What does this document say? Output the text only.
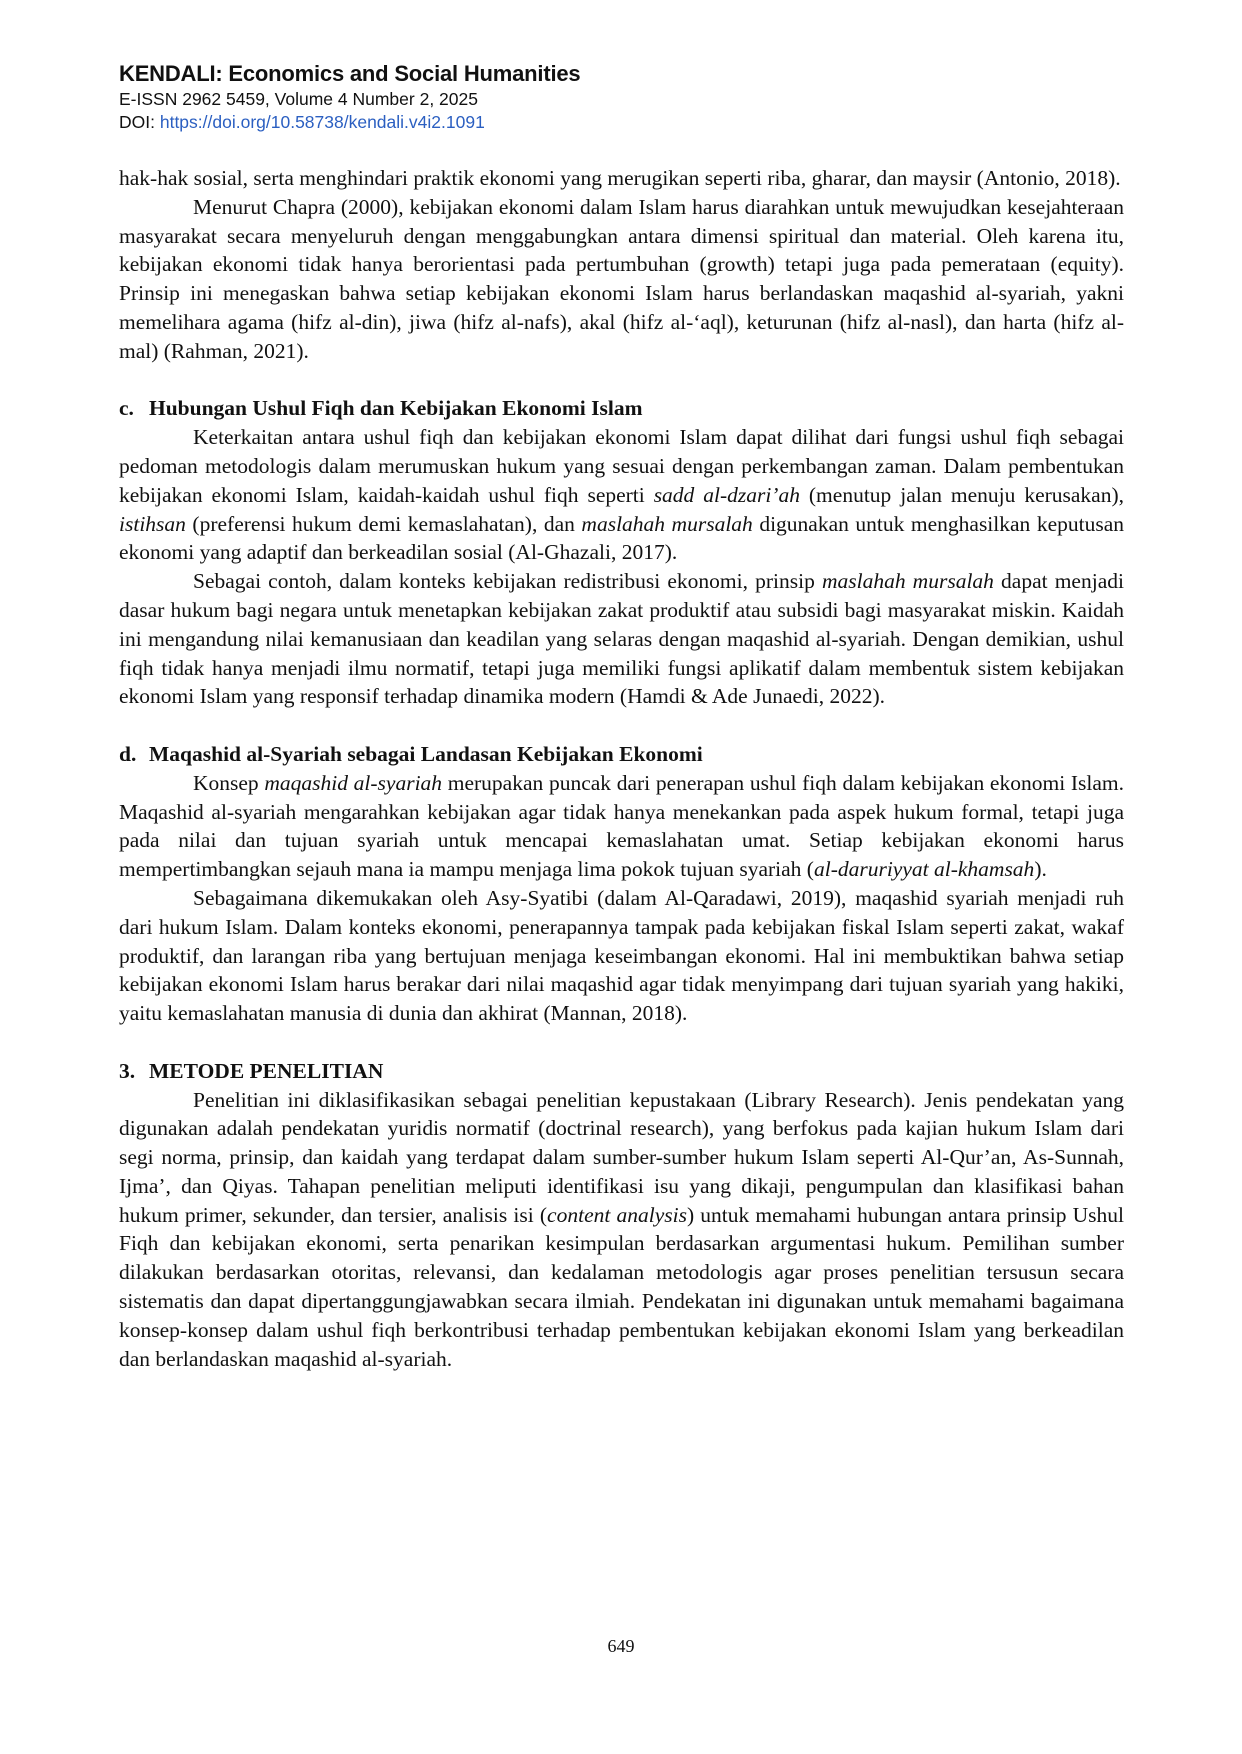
KENDALI: Economics and Social Humanities
E-ISSN 2962 5459, Volume 4 Number 2, 2025
DOI: https://doi.org/10.58738/kendali.v4i2.1091

hak-hak sosial, serta menghindari praktik ekonomi yang merugikan seperti riba, gharar, dan maysir (Antonio, 2018).

Menurut Chapra (2000), kebijakan ekonomi dalam Islam harus diarahkan untuk mewujudkan kesejahteraan masyarakat secara menyeluruh dengan menggabungkan antara dimensi spiritual dan material. Oleh karena itu, kebijakan ekonomi tidak hanya berorientasi pada pertumbuhan (growth) tetapi juga pada pemerataan (equity). Prinsip ini menegaskan bahwa setiap kebijakan ekonomi Islam harus berlandaskan maqashid al-syariah, yakni memelihara agama (hifz al-din), jiwa (hifz al-nafs), akal (hifz al-‘aql), keturunan (hifz al-nasl), dan harta (hifz al-mal) (Rahman, 2021).

c. Hubungan Ushul Fiqh dan Kebijakan Ekonomi Islam

Keterkaitan antara ushul fiqh dan kebijakan ekonomi Islam dapat dilihat dari fungsi ushul fiqh sebagai pedoman metodologis dalam merumuskan hukum yang sesuai dengan perkembangan zaman. Dalam pembentukan kebijakan ekonomi Islam, kaidah-kaidah ushul fiqh seperti sadd al-dzari’ah (menutup jalan menuju kerusakan), istihsan (preferensi hukum demi kemaslahatan), dan maslahah mursalah digunakan untuk menghasilkan keputusan ekonomi yang adaptif dan berkeadilan sosial (Al-Ghazali, 2017).

Sebagai contoh, dalam konteks kebijakan redistribusi ekonomi, prinsip maslahah mursalah dapat menjadi dasar hukum bagi negara untuk menetapkan kebijakan zakat produktif atau subsidi bagi masyarakat miskin. Kaidah ini mengandung nilai kemanusiaan dan keadilan yang selaras dengan maqashid al-syariah. Dengan demikian, ushul fiqh tidak hanya menjadi ilmu normatif, tetapi juga memiliki fungsi aplikatif dalam membentuk sistem kebijakan ekonomi Islam yang responsif terhadap dinamika modern (Hamdi & Ade Junaedi, 2022).

d. Maqashid al-Syariah sebagai Landasan Kebijakan Ekonomi

Konsep maqashid al-syariah merupakan puncak dari penerapan ushul fiqh dalam kebijakan ekonomi Islam. Maqashid al-syariah mengarahkan kebijakan agar tidak hanya menekankan pada aspek hukum formal, tetapi juga pada nilai dan tujuan syariah untuk mencapai kemaslahatan umat. Setiap kebijakan ekonomi harus mempertimbangkan sejauh mana ia mampu menjaga lima pokok tujuan syariah (al-daruriyyat al-khamsah).

Sebagaimana dikemukakan oleh Asy-Syatibi (dalam Al-Qaradawi, 2019), maqashid syariah menjadi ruh dari hukum Islam. Dalam konteks ekonomi, penerapannya tampak pada kebijakan fiskal Islam seperti zakat, wakaf produktif, dan larangan riba yang bertujuan menjaga keseimbangan ekonomi. Hal ini membuktikan bahwa setiap kebijakan ekonomi Islam harus berakar dari nilai maqashid agar tidak menyimpang dari tujuan syariah yang hakiki, yaitu kemaslahatan manusia di dunia dan akhirat (Mannan, 2018).

3. METODE PENELITIAN

Penelitian ini diklasifikasikan sebagai penelitian kepustakaan (Library Research). Jenis pendekatan yang digunakan adalah pendekatan yuridis normatif (doctrinal research), yang berfokus pada kajian hukum Islam dari segi norma, prinsip, dan kaidah yang terdapat dalam sumber-sumber hukum Islam seperti Al-Qur’an, As-Sunnah, Ijma’, dan Qiyas. Tahapan penelitian meliputi identifikasi isu yang dikaji, pengumpulan dan klasifikasi bahan hukum primer, sekunder, dan tersier, analisis isi (content analysis) untuk memahami hubungan antara prinsip Ushul Fiqh dan kebijakan ekonomi, serta penarikan kesimpulan berdasarkan argumentasi hukum. Pemilihan sumber dilakukan berdasarkan otoritas, relevansi, dan kedalaman metodologis agar proses penelitian tersusun secara sistematis dan dapat dipertanggungjawabkan secara ilmiah. Pendekatan ini digunakan untuk memahami bagaimana konsep-konsep dalam ushul fiqh berkontribusi terhadap pembentukan kebijakan ekonomi Islam yang berkeadilan dan berlandaskan maqashid al-syariah.

649
